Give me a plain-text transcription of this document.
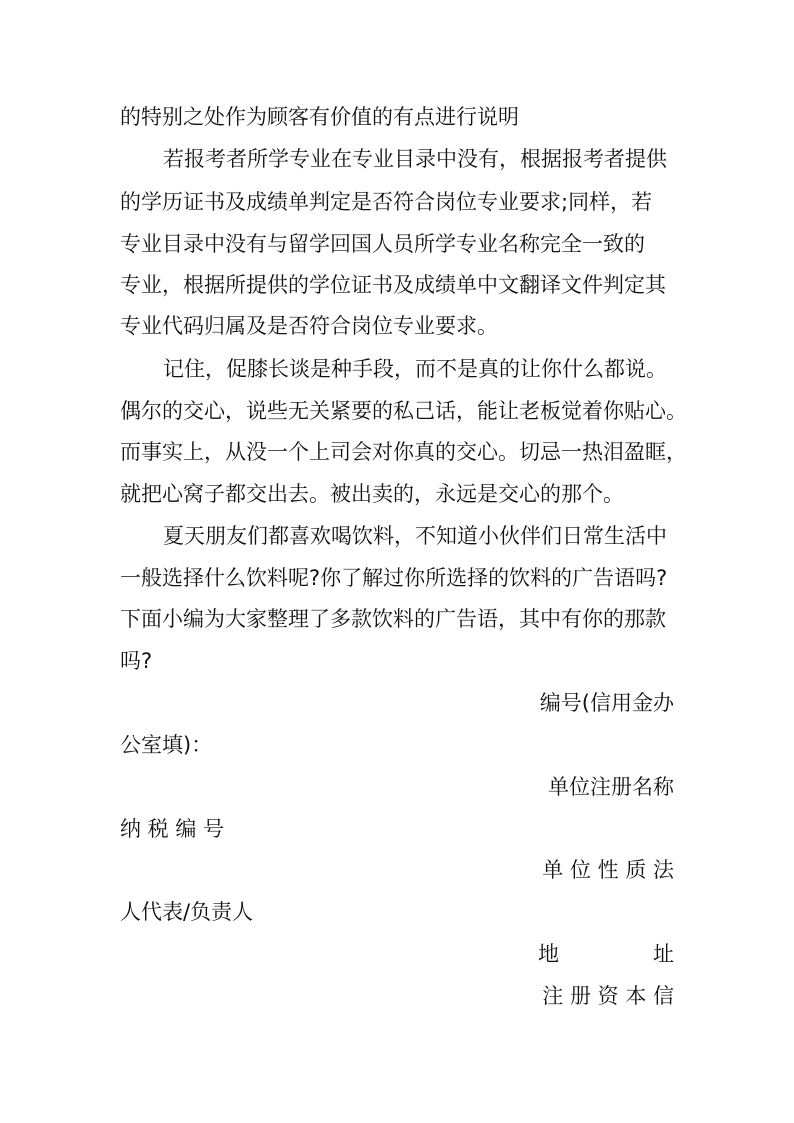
的特别之处作为顾客有价值的有点进行说明
若报考者所学专业在专业目录中没有，根据报考者提供
的学历证书及成绩单判定是否符合岗位专业要求;同样，若
专业目录中没有与留学回国人员所学专业名称完全一致的
专业，根据所提供的学位证书及成绩单中文翻译文件判定其
专业代码归属及是否符合岗位专业要求。
记住，促膝长谈是种手段，而不是真的让你什么都说。
偶尔的交心，说些无关紧要的私己话，能让老板觉着你贴心。
而事实上，从没一个上司会对你真的交心。切忌一热泪盈眶，
就把心窝子都交出去。被出卖的，永远是交心的那个。
夏天朋友们都喜欢喝饮料，不知道小伙伴们日常生活中
一般选择什么饮料呢?你了解过你所选择的饮料的广告语吗?
下面小编为大家整理了多款饮料的广告语，其中有你的那款
吗?
编号(信用金办
公室填)：
单位注册名称
纳 税 编 号
单 位 性 质 法
人代表/负责人
地	址
注 册 资 本 信
